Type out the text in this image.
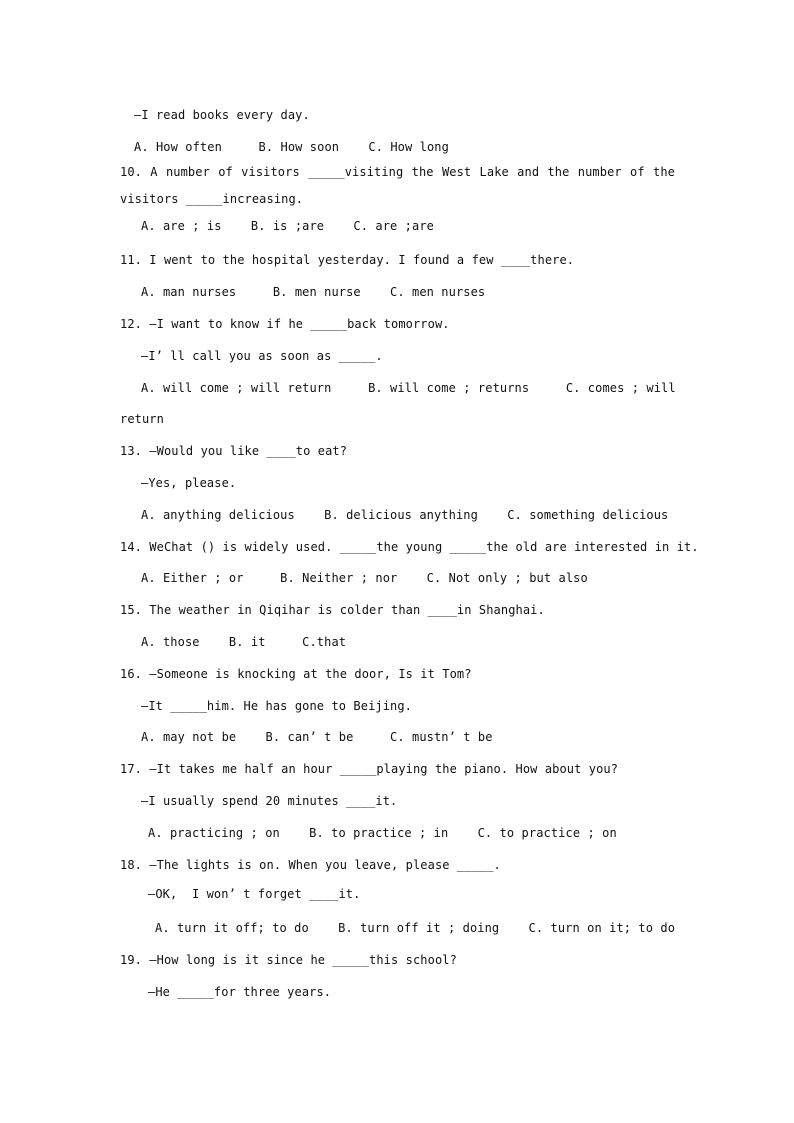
—I read books every day.
A. How often     B. How soon    C. How long
10. A number of visitors _____visiting the West Lake and the number of the
visitors _____increasing.
A. are ; is    B. is ;are    C. are ;are
11. I went to the hospital yesterday. I found a few ____there.
A. man nurses     B. men nurse    C. men nurses
12. —I want to know if he _____back tomorrow.
—I’ ll call you as soon as _____.
A. will come ; will return     B. will come ; returns     C. comes ; will
return
13. —Would you like ____to eat?
—Yes, please.
A. anything delicious    B. delicious anything    C. something delicious
14. WeChat () is widely used. _____the young _____the old are interested in it.
A. Either ; or     B. Neither ; nor    C. Not only ; but also
15. The weather in Qiqihar is colder than ____in Shanghai.
A. those    B. it     C.that
16. —Someone is knocking at the door, Is it Tom?
—It _____him. He has gone to Beijing.
A. may not be    B. can’ t be     C. mustn’ t be
17. —It takes me half an hour _____playing the piano. How about you?
—I usually spend 20 minutes ____it.
A. practicing ; on    B. to practice ; in    C. to practice ; on
18. —The lights is on. When you leave, please _____.
—OK,  I won’ t forget ____it.
A. turn it off; to do    B. turn off it ; doing    C. turn on it; to do
19. —How long is it since he _____this school?
—He _____for three years.
